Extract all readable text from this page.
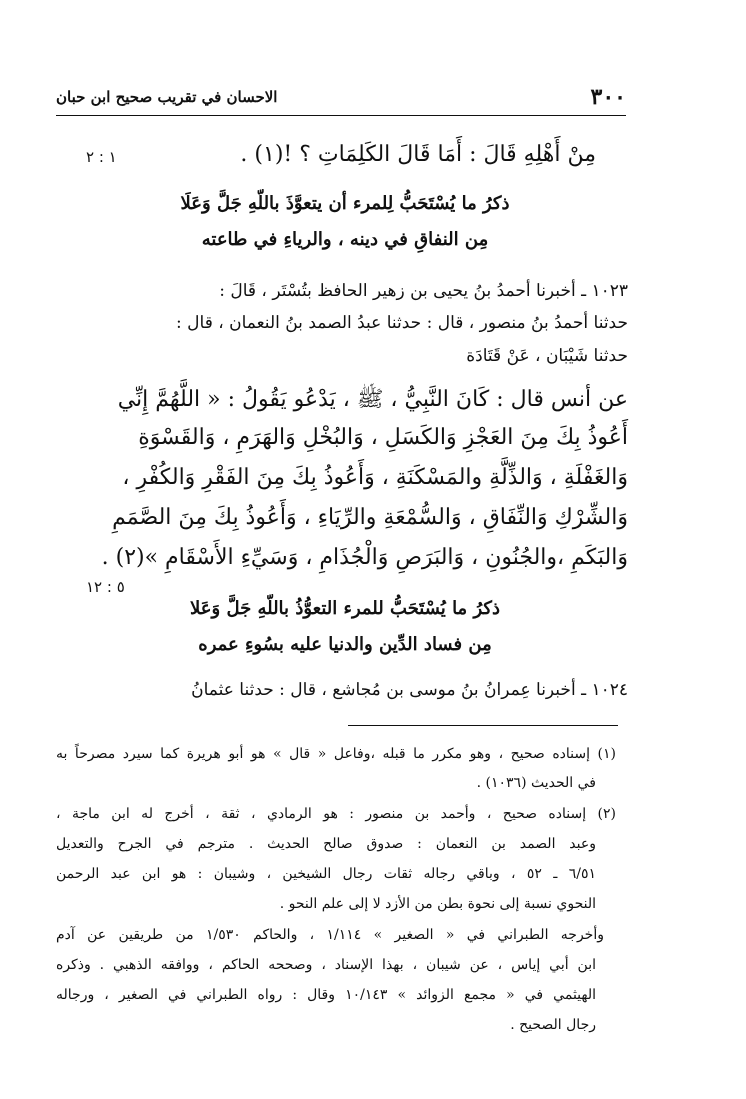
٣٠٠
الاحسان في تقريب صحيح ابن حبان
مِنْ أَهْلِهِ قَالَ : أَمَا قَالَ الكَلِمَاتِ ؟ !(١) .
١ : ٢
ذكرُ ما يُسْتَحَبُّ لِلمرء أن يتعوَّذَ باللّهِ جَلَّ وَعَلَا
مِن النفاقِ في دينه ، والرياءِ في طاعته
١٠٢٣ ـ أخبرنا أحمدُ بنُ يحيى بن زهير الحافظ بتُسْتَر ، قَالَ :
حدثنا أحمدُ بنُ منصور ، قال : حدثنا عبدُ الصمد بنُ النعمان ، قال :
حدثنا شَيْبَان ، عَنْ قَتَادَة
عن أنس قال : كَانَ النَّبِيُّ ، ﷺ ، يَدْعُو يَقُولُ : « اللَّهُمَّ إِنِّي
أَعُوذُ بِكَ مِنَ العَجْزِ وَالكَسَلِ ، وَالبُخْلِ وَالهَرَمِ ، وَالقَسْوَةِ
وَالغَفْلَةِ ، وَالذِّلَّةِ والمَسْكَنَةِ ، وَأَعُوذُ بِكَ مِنَ الفَقْرِ وَالكُفْرِ ،
وَالشِّرْكِ وَالنِّفَاقِ ، وَالسُّمْعَةِ والرِّيَاءِ ، وَأَعُوذُ بِكَ مِنَ الصَّمَمِ
وَالبَكَمِ ،والجُنُونِ ، وَالبَرَصِ وَالْجُذَامِ ، وَسَيِّءِ الأَسْقَامِ »(٢) .
٥ : ١٢
ذكرُ ما يُسْتَحَبُّ للمرء التعوُّذُ باللّهِ جَلَّ وَعَلا
مِن فساد الدِّين والدنيا عليه بسُوءِ عمره
١٠٢٤ ـ أخبرنا عِمرانُ بنُ موسى بن مُجاشع ، قال : حدثنا عثمانُ
(١) إسناده صحيح ، وهو مكرر ما قبله ،وفاعل « قال » هو أبو هريرة كما سيرد مصرحاً به
في الحديث (١٠٣٦) .
(٢) إسناده صحيح ، وأحمد بن منصور : هو الرمادي ، ثقة ، أخرج له ابن ماجة ،
وعبد الصمد بن النعمان : صدوق صالح الحديث . مترجم في الجرح والتعديل
٦/٥١ ـ ٥٢ ، وباقي رجاله ثقات رجال الشيخين ، وشيبان : هو ابن عبد الرحمن
النحوي نسبة إلى نحوة بطن من الأزد لا إلى علم النحو .
وأخرجه الطبراني في « الصغير » ١/١١٤ ، والحاكم ١/٥٣٠ من طريقين عن آدم
ابن أبي إياس ، عن شيبان ، بهذا الإسناد ، وصححه الحاكم ، ووافقه الذهبي . وذكره
الهيثمي في « مجمع الزوائد » ١٠/١٤٣ وقال : رواه الطبراني في الصغير ، ورجاله
رجال الصحيح .
